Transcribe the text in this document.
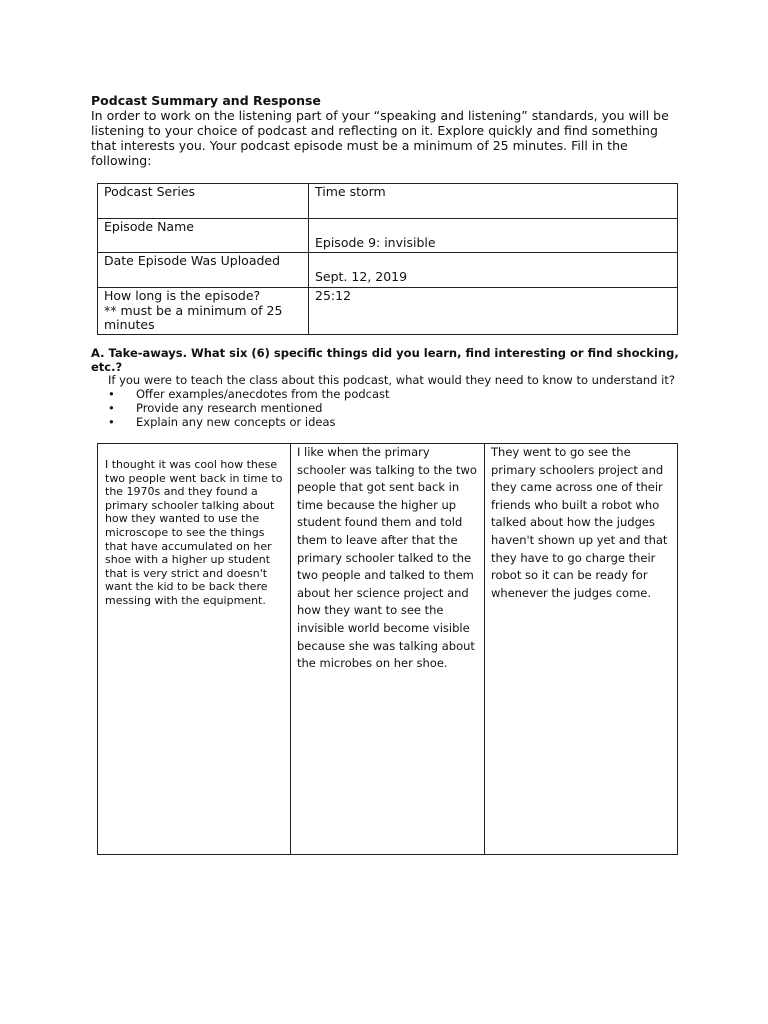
Podcast Summary and Response
In order to work on the listening part of your “speaking and listening” standards, you will be listening to your choice of podcast and reflecting on it. Explore quickly and find something that interests you. Your podcast episode must be a minimum of 25 minutes. Fill in the following:
Podcast Series	Time storm
Episode Name	Episode 9: invisible

Date Episode Was Uploaded	Sept. 12, 2019

How long is the episode?
** must be a minimum of 25 minutes	25:12
A. Take-aways. What six (6) specific things did you learn, find interesting or find shocking, etc.?
If you were to teach the class about this podcast, what would they need to know to understand it?
• Offer examples/anecdotes from the podcast
• Provide any research mentioned
• Explain any new concepts or ideas
I thought it was cool how these two people went back in time to the 1970s and they found a primary schooler talking about how they wanted to use the microscope to see the things that have accumulated on her shoe with a higher up student that is very strict and doesn't want the kid to be back there messing with the equipment.
I like when the primary schooler was talking to the two people that got sent back in time because the higher up student found them and told them to leave after that the primary schooler talked to the two people and talked to them about her science project and how they want to see the invisible world become visible because she was talking about the microbes on her shoe.
They went to go see the primary schoolers project and they came across one of their friends who built a robot who talked about how the judges haven't shown up yet and that they have to go charge their robot so it can be ready for whenever the judges come.
